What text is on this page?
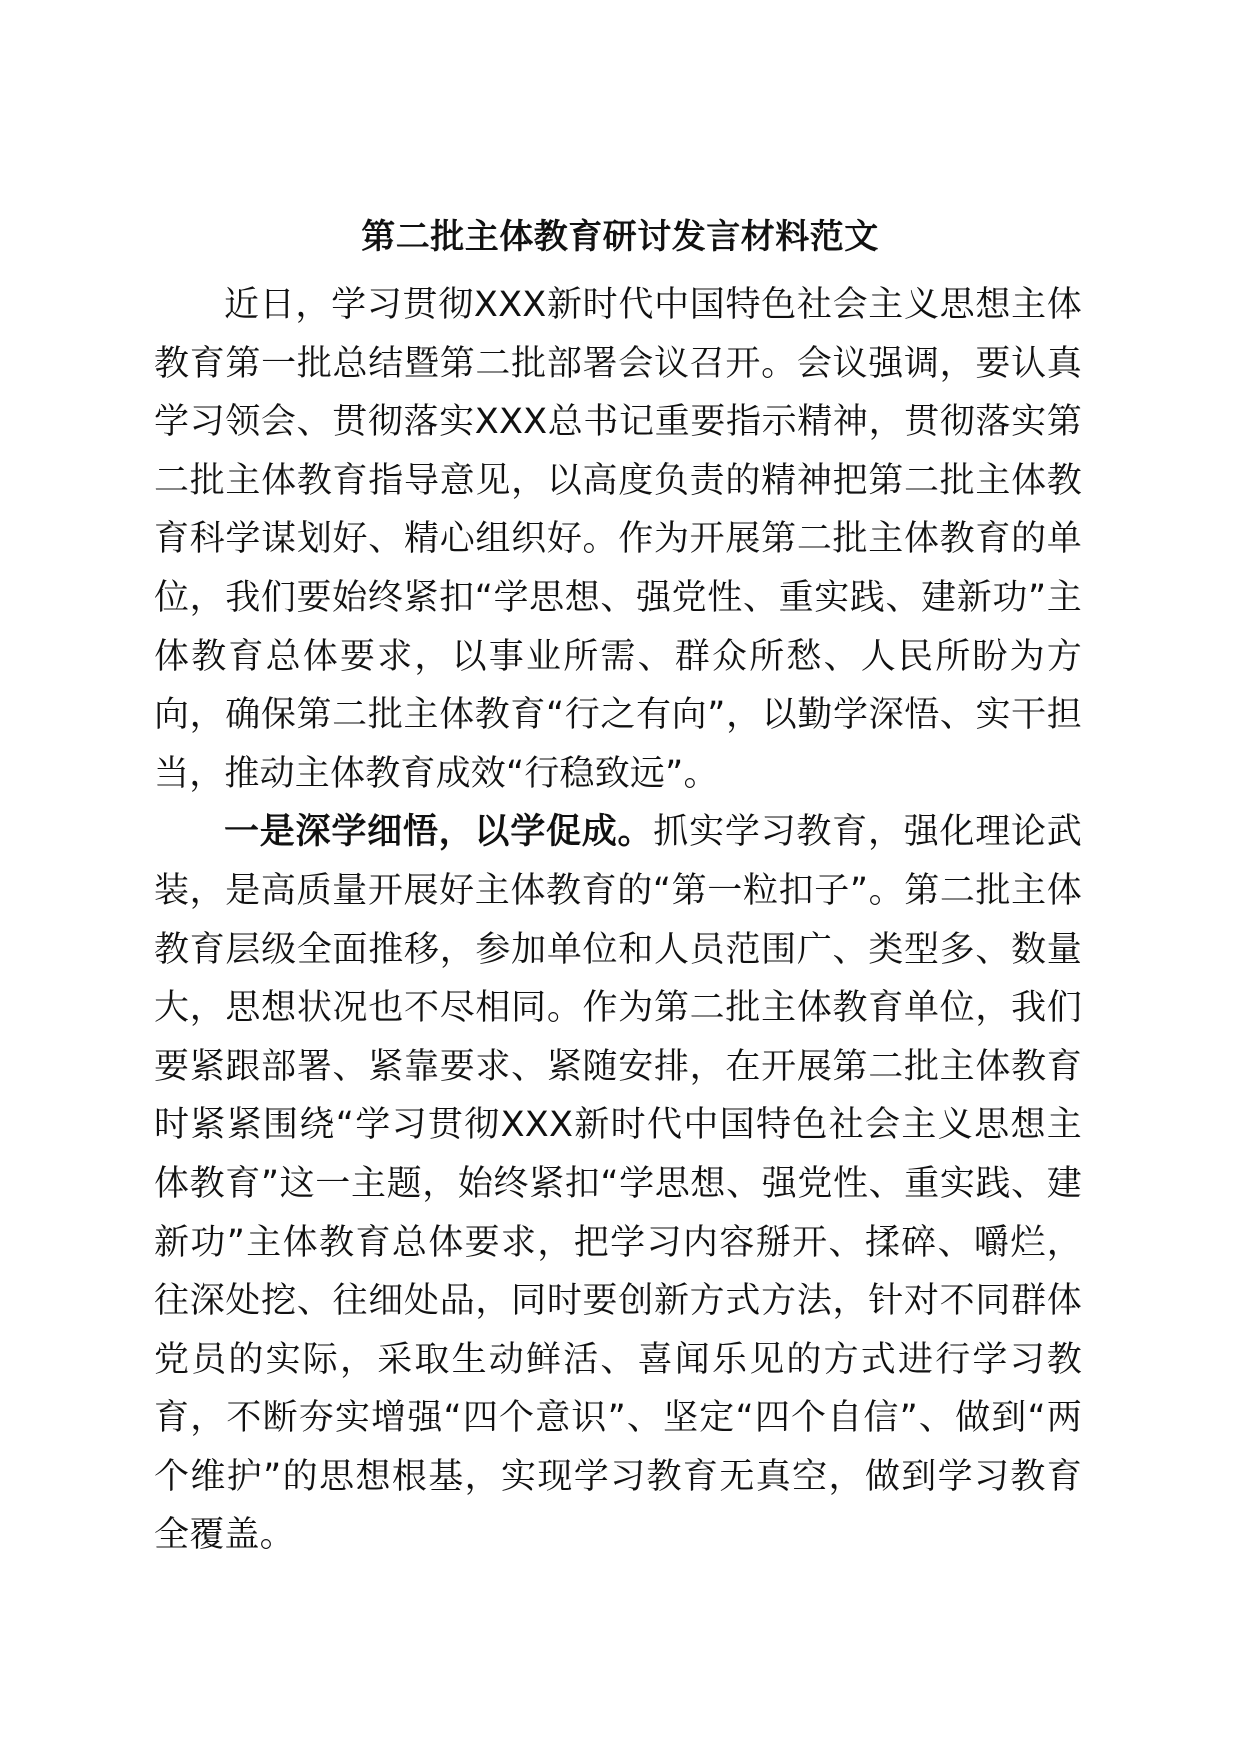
第二批主体教育研讨发言材料范文

近日，学习贯彻XXX新时代中国特色社会主义思想主体教育第一批总结暨第二批部署会议召开。会议强调，要认真学习领会、贯彻落实XXX总书记重要指示精神，贯彻落实第二批主体教育指导意见，以高度负责的精神把第二批主体教育科学谋划好、精心组织好。作为开展第二批主体教育的单位，我们要始终紧扣“学思想、强党性、重实践、建新功”主体教育总体要求，以事业所需、群众所愁、人民所盼为方向，确保第二批主体教育“行之有向”，以勤学深悟、实干担当，推动主体教育成效“行稳致远”。

一是深学细悟，以学促成。抓实学习教育，强化理论武装，是高质量开展好主体教育的“第一粒扣子”。第二批主体教育层级全面推移，参加单位和人员范围广、类型多、数量大，思想状况也不尽相同。作为第二批主体教育单位，我们要紧跟部署、紧靠要求、紧随安排，在开展第二批主体教育时紧紧围绕“学习贯彻XXX新时代中国特色社会主义思想主体教育”这一主题，始终紧扣“学思想、强党性、重实践、建新功”主体教育总体要求，把学习内容掰开、揉碎、嚼烂，往深处挖、往细处品，同时要创新方式方法，针对不同群体党员的实际，采取生动鲜活、喜闻乐见的方式进行学习教育，不断夯实增强“四个意识”、坚定“四个自信”、做到“两个维护”的思想根基，实现学习教育无真空，做到学习教育全覆盖。
